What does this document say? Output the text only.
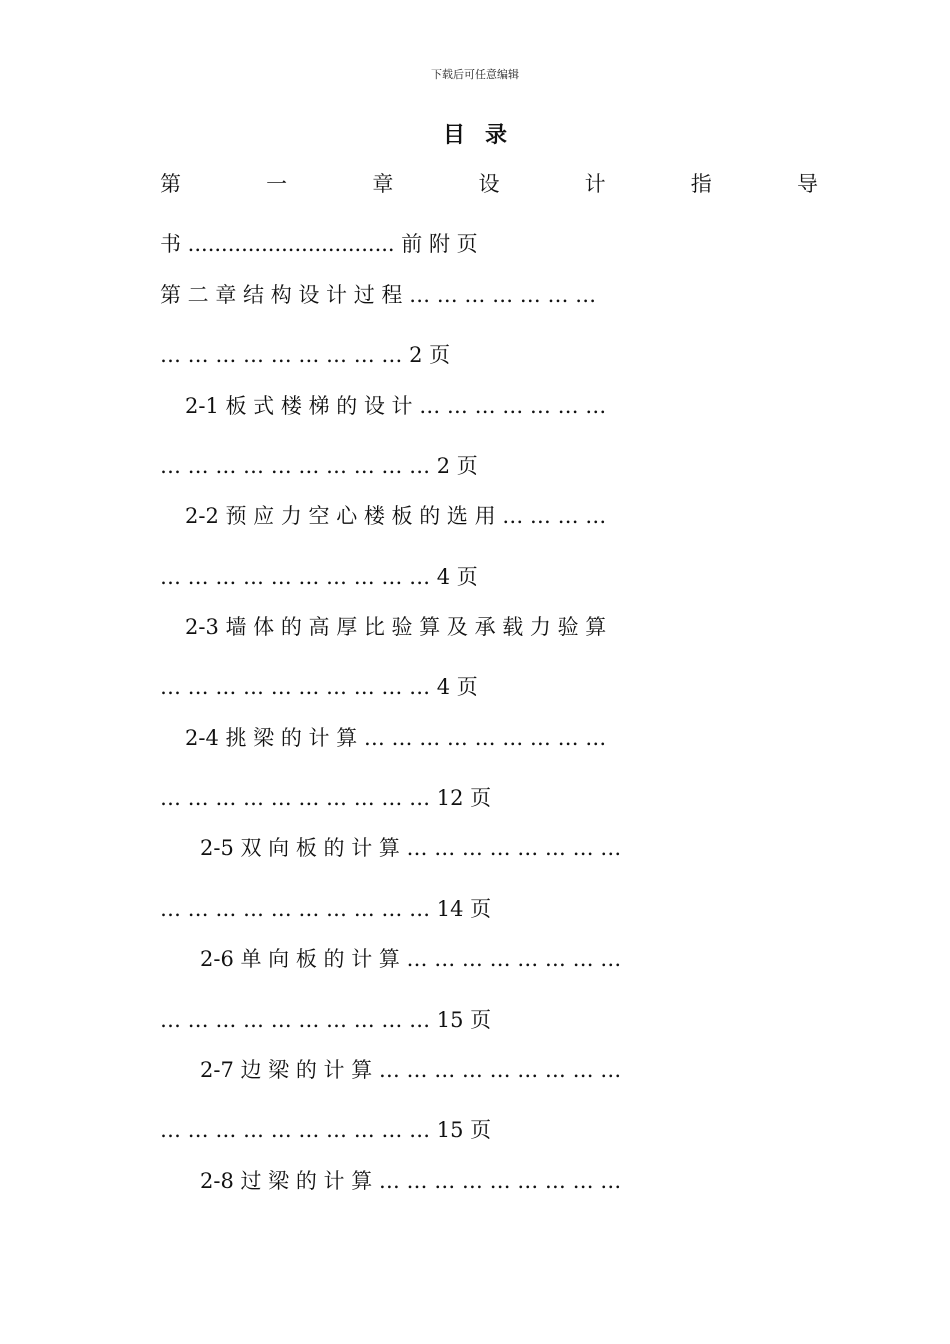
下载后可任意编辑
目录
第	一	章	设	计	指	导
书 ............................... 前 附 页
第 二 章 结 构 设 计 过 程 … … … … … … …
… … … … … … … … … 2 页
2-1 板 式 楼 梯 的 设 计 … … … … … … …
… … … … … … … … … … 2 页
2-2 预 应 力 空 心 楼 板 的 选 用 … … … …
… … … … … … … … … … 4 页
2-3 墙 体 的 高 厚 比 验 算 及 承 载 力 验 算
… … … … … … … … … … 4 页
2-4 挑 梁 的 计 算 … … … … … … … … …
… … … … … … … … … … 12 页
2-5 双 向 板 的 计 算 … … … … … … … …
… … … … … … … … … … 14 页
2-6 单 向 板 的 计 算 … … … … … … … …
… … … … … … … … … … 15 页
2-7 边 梁 的 计 算 … … … … … … … … …
… … … … … … … … … … 15 页
2-8 过 梁 的 计 算 … … … … … … … … …
